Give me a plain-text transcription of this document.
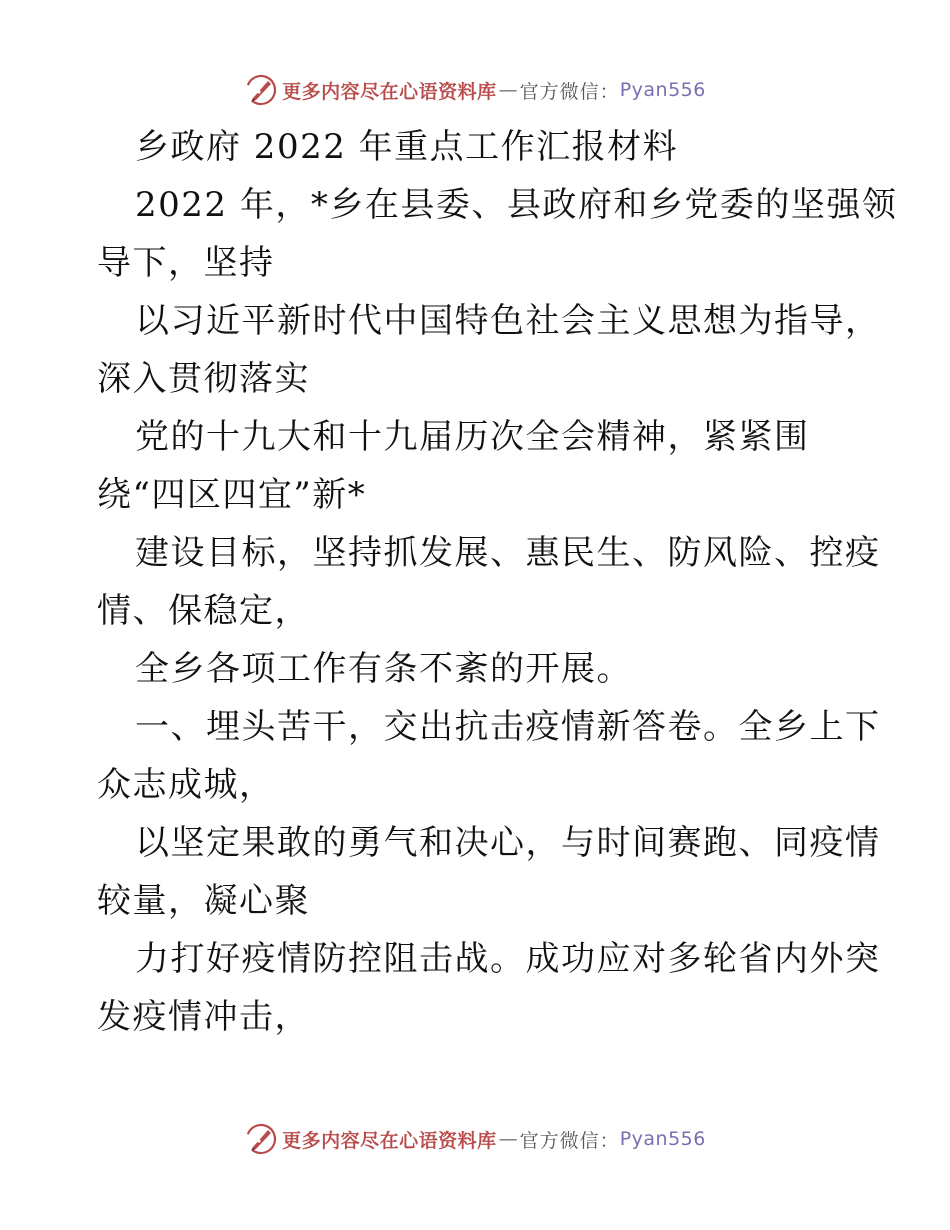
更多内容尽在心语资料库 — 官方微信： Pyan556
乡政府 2022 年重点工作汇报材料
2022 年，*乡在县委、县政府和乡党委的坚强领
导下，坚持
以习近平新时代中国特色社会主义思想为指导，
深入贯彻落实
党的十九大和十九届历次全会精神，紧紧围
绕“四区四宜”新*
建设目标，坚持抓发展、惠民生、防风险、控疫
情、保稳定，
全乡各项工作有条不紊的开展。
一、埋头苦干，交出抗击疫情新答卷。全乡上下
众志成城，
以坚定果敢的勇气和决心，与时间赛跑、同疫情
较量，凝心聚
力打好疫情防控阻击战。成功应对多轮省内外突
发疫情冲击，
更多内容尽在心语资料库 — 官方微信： Pyan556
